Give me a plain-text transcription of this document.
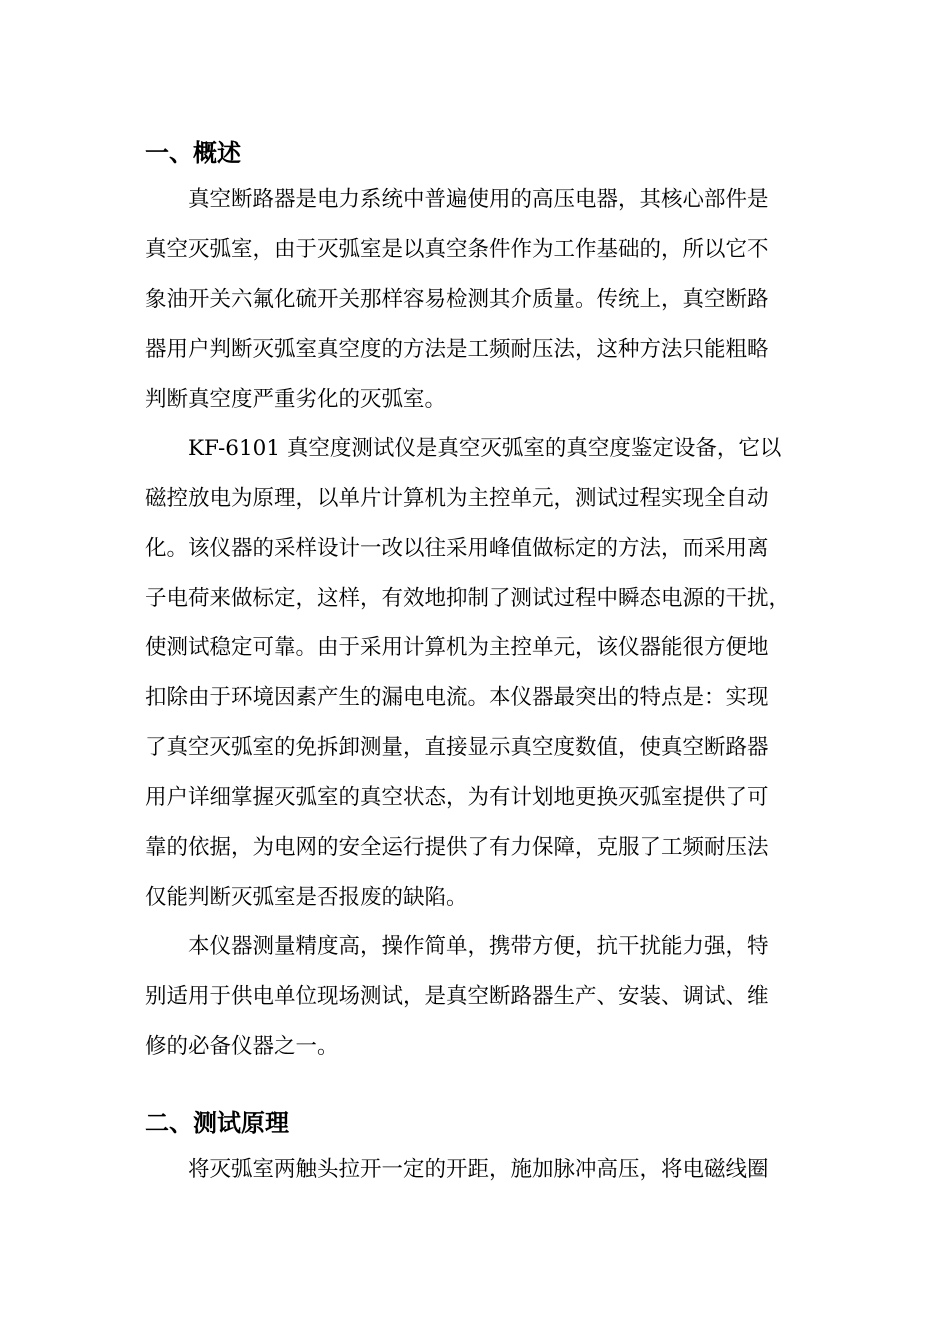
一、概述

真空断路器是电力系统中普遍使用的高压电器，其核心部件是

真空灭弧室，由于灭弧室是以真空条件作为工作基础的，所以它不

象油开关六氟化硫开关那样容易检测其介质量。传统上，真空断路

器用户判断灭弧室真空度的方法是工频耐压法，这种方法只能粗略

判断真空度严重劣化的灭弧室。

KF-6101 真空度测试仪是真空灭弧室的真空度鉴定设备，它以

磁控放电为原理，以单片计算机为主控单元，测试过程实现全自动

化。该仪器的采样设计一改以往采用峰值做标定的方法，而采用离

子电荷来做标定，这样，有效地抑制了测试过程中瞬态电源的干扰，

使测试稳定可靠。由于采用计算机为主控单元，该仪器能很方便地

扣除由于环境因素产生的漏电电流。本仪器最突出的特点是：实现

了真空灭弧室的免拆卸测量，直接显示真空度数值，使真空断路器

用户详细掌握灭弧室的真空状态，为有计划地更换灭弧室提供了可

靠的依据，为电网的安全运行提供了有力保障，克服了工频耐压法

仅能判断灭弧室是否报废的缺陷。

本仪器测量精度高，操作简单，携带方便，抗干扰能力强，特

别适用于供电单位现场测试，是真空断路器生产、安装、调试、维

修的必备仪器之一。

二、测试原理

将灭弧室两触头拉开一定的开距，施加脉冲高压，将电磁线圈
